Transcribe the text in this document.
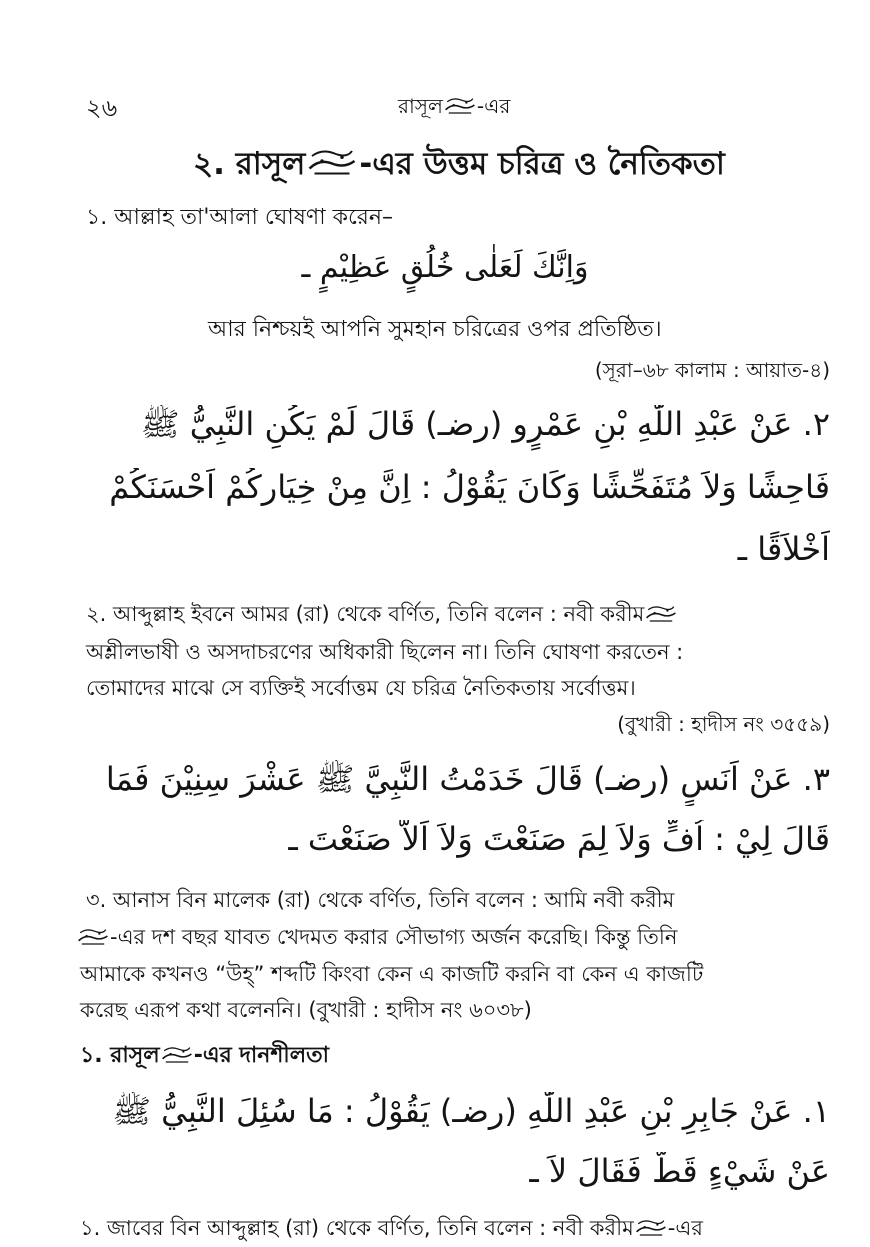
২৬	রাসূল -এর
২. রাসূল -এর উত্তম চরিত্র ও নৈতিকতা
১. আল্লাহ তা'আলা ঘোষণা করেন–
وَاِنَّكَ لَعَلٰى خُلُقٍ عَظِيْمٍ ـ
আর নিশ্চয়ই আপনি সুমহান চরিত্রের ওপর প্রতিষ্ঠিত।
(সূরা–৬৮ কালাম : আয়াত-৪)
٢. عَنْ عَبْدِ اللّٰهِ بْنِ عَمْرٍو (رضـ) قَالَ لَمْ يَكُنِ النَّبِيُّ ﷺ
فَاحِشًا وَلاَ مُتَفَحِّشًا وَكَانَ يَقُوْلُ : اِنَّ مِنْ خِيَارِكُمْ اَحْسَنَكُمْ
اَخْلاَقًا ـ
২. আব্দুল্লাহ ইবনে আমর (রা) থেকে বর্ণিত, তিনি বলেন : নবী করীম
অশ্লীলভাষী ও অসদাচরণের অধিকারী ছিলেন না। তিনি ঘোষণা করতেন :
তোমাদের মাঝে সে ব্যক্তিই সর্বোত্তম যে চরিত্র নৈতিকতায় সর্বোত্তম।
(বুখারী : হাদীস নং ৩৫৫৯)
٣. عَنْ اَنَسٍ (رضـ) قَالَ خَدَمْتُ النَّبِيَّ ﷺ عَشْرَ سِنِيْنَ فَمَا
قَالَ لِيْ : اُفٍّ وَلاَ لِمَ صَنَعْتَ وَلاَ اَلاَّ صَنَعْتَ ـ
৩. আনাস বিন মালেক (রা) থেকে বর্ণিত, তিনি বলেন : আমি নবী করীম
-এর দশ বছর যাবত খেদমত করার সৌভাগ্য অর্জন করেছি। কিন্তু তিনি
আমাকে কখনও “উহ্” শব্দটি কিংবা কেন এ কাজটি করনি বা কেন এ কাজটি
করেছ এরূপ কথা বলেননি। (বুখারী : হাদীস নং ৬০৩৮)
১. রাসূল -এর দানশীলতা
١. عَنْ جَابِرِ بْنِ عَبْدِ اللّٰهِ (رضـ) يَقُوْلُ : مَا سُئِلَ النَّبِيُّ ﷺ
عَنْ شَيْءٍ قَطُّ فَقَالَ لاَ ـ
১. জাবের বিন আব্দুল্লাহ (রা) থেকে বর্ণিত, তিনি বলেন : নবী করীম -এর
